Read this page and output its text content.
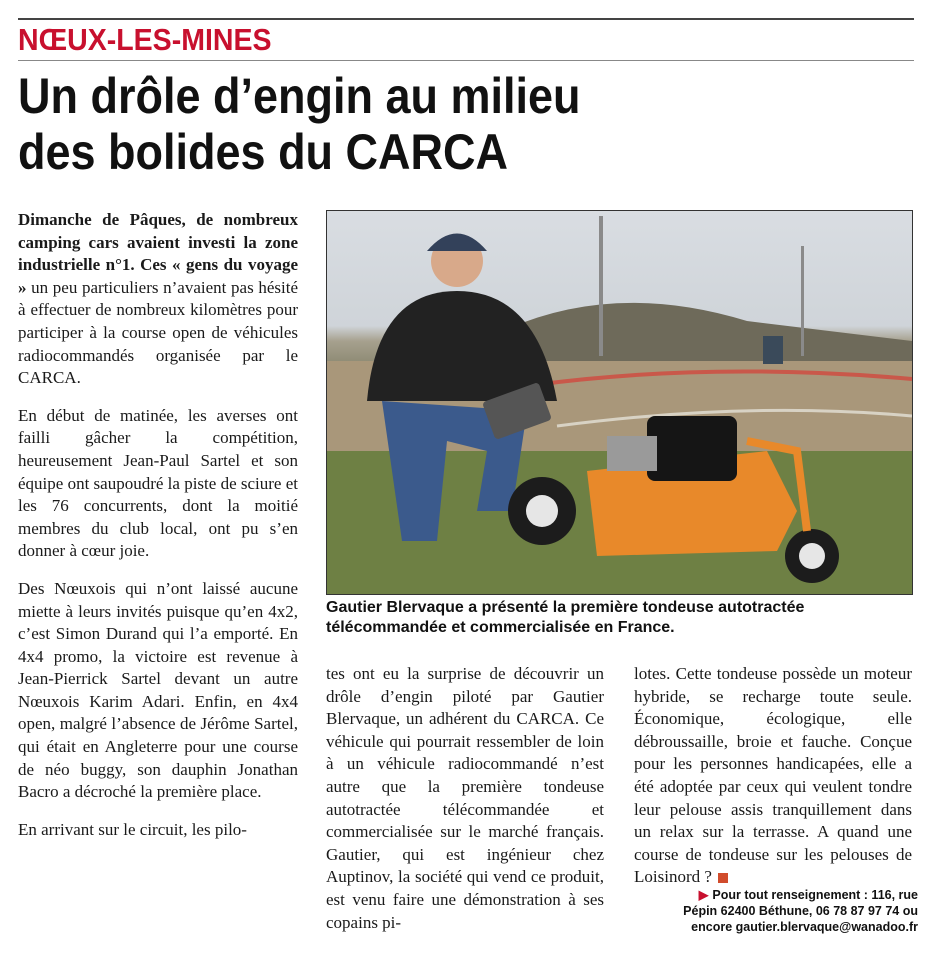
NŒUX-LES-MINES
Un drôle d’engin au milieu
des bolides du CARCA

Dimanche de Pâques, de nombreux camping cars avaient investi la zone industrielle n°1. Ces « gens du voyage » un peu particuliers n’avaient pas hésité à effectuer de nombreux kilomètres pour participer à la course open de véhicules radiocommandés organisée par le CARCA.

En début de matinée, les averses ont failli gâcher la compétition, heureusement Jean-Paul Sartel et son équipe ont saupoudré la piste de sciure et les 76 concurrents, dont la moitié membres du club local, ont pu s’en donner à cœur joie.

Des Nœuxois qui n’ont laissé aucune miette à leurs invités puisque qu’en 4x2, c’est Simon Durand qui l’a emporté. En 4x4 promo, la victoire est revenue à Jean-Pierrick Sartel devant un autre Nœuxois Karim Adari. Enfin, en 4x4 open, malgré l’absence de Jérôme Sartel, qui était en Angleterre pour une course de néo buggy, son dauphin Jonathan Bacro a décroché la première place.

En arrivant sur le circuit, les pilo-

Gautier Blervaque a présenté la première tondeuse autotractée télécommandée et commercialisée en France.

tes ont eu la surprise de découvrir un drôle d’engin piloté par Gautier Blervaque, un adhérent du CARCA. Ce véhicule qui pourrait ressembler de loin à un véhicule radiocommandé n’est autre que la première tondeuse autotractée télécommandée et commercialisée sur le marché français. Gautier, qui est ingénieur chez Auptinov, la société qui vend ce produit, est venu faire une démonstration à ses copains pi-

lotes. Cette tondeuse possède un moteur hybride, se recharge toute seule. Économique, écologique, elle débroussaille, broie et fauche. Conçue pour les personnes handicapées, elle a été adoptée par ceux qui veulent tondre leur pelouse assis tranquillement dans un relax sur la terrasse. A quand une course de tondeuse sur les pelouses de Loisinord ?

▶ Pour tout renseignement : 116, rue
Pépin 62400 Béthune, 06 78 87 97 74 ou
encore gautier.blervaque@wanadoo.fr
